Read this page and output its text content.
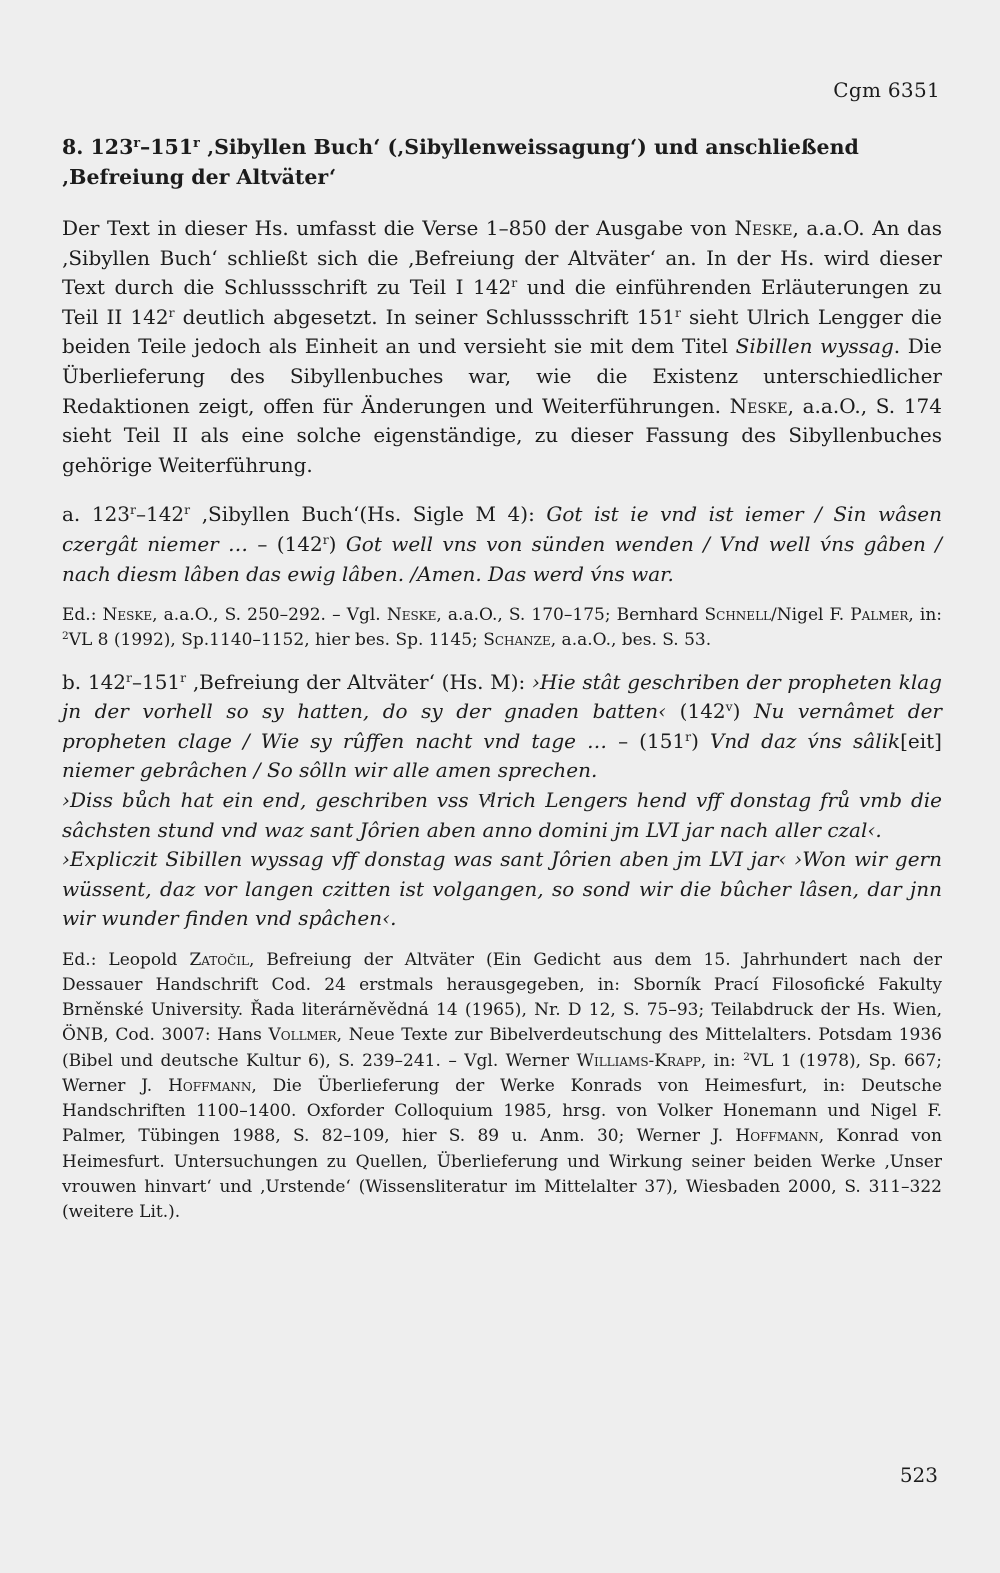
Cgm 6351
8. 123$^r$–151$^r$ ‚Sibyllen Buch‘ (‚Sibyllenweissagung‘) und anschließend ‚Befreiung der Altväter‘

Der Text in dieser Hs. umfasst die Verse 1–850 der Ausgabe von Neske, a.a.O. An das ‚Sibyllen Buch‘ schließt sich die ‚Befreiung der Altväter‘ an. In der Hs. wird dieser Text durch die Schlussschrift zu Teil I 142$^r$ und die einführenden Erläuterungen zu Teil II 142$^r$ deutlich abgesetzt. In seiner Schlussschrift 151$^r$ sieht Ulrich Lengger die beiden Teile jedoch als Einheit an und versieht sie mit dem Titel Sibillen wyssag. Die Überlieferung des Sibyllenbuches war, wie die Existenz unterschiedlicher Redaktionen zeigt, offen für Änderungen und Weiterführungen. Neske, a.a.O., S. 174 sieht Teil II als eine solche eigenständige, zu dieser Fassung des Sibyllenbuches gehörige Weiterführung.

a. 123$^r$–142$^r$ ‚Sibyllen Buch‘(Hs. Sigle M 4): Got ist ie vnd ist iemer / Sin wâsen czergât niemer … – (142$^r$) Got well vns von sünden wenden / Vnd well v́ns gâben / nach diesm lâben das ewig lâben. /Amen. Das werd v́ns war.

Ed.: Neske, a.a.O., S. 250–292. – Vgl. Neske, a.a.O., S. 170–175; Bernhard Schnell/Nigel F. Palmer, in: $^2$VL 8 (1992), Sp.1140–1152, hier bes. Sp. 1145; Schanze, a.a.O., bes. S. 53.

b. 142$^r$–151$^r$ ‚Befreiung der Altväter‘ (Hs. M): ›Hie stât geschriben der propheten klag jn der vorhell so sy hatten, do sy der gnaden batten‹ (142$^v$) Nu vernâmet der propheten clage / Wie sy rûffen nacht vnd tage … – (151$^r$) Vnd daz v́ns sâlik[eit] niemer gebrâchen / So sôlln wir alle amen sprechen.

›Diss bůch hat ein end, geschriben vss Vͦlrich Lengers hend vff donstag frů vmb die sâchsten stund vnd waz sant Jôrien aben anno domini jm LVI jar nach aller czal‹.

›Expliczit Sibillen wyssag vff donstag was sant Jôrien aben jm LVI jar‹ ›Won wir gern wüssent, daz vor langen czitten ist volgangen, so sond wir die bûcher lâsen, dar jnn wir wunder finden vnd spâchen‹.

Ed.: Leopold Zatočil, Befreiung der Altväter (Ein Gedicht aus dem 15. Jahrhundert nach der Dessauer Handschrift Cod. 24 erstmals herausgegeben, in: Sborník Prací Filosofické Fakulty Brněnské University. Řada literárněvědná 14 (1965), Nr. D 12, S. 75–93; Teilabdruck der Hs. Wien, ÖNB, Cod. 3007: Hans Vollmer, Neue Texte zur Bibelverdeutschung des Mittelalters. Potsdam 1936 (Bibel und deutsche Kultur 6), S. 239–241. – Vgl. Werner Williams-Krapp, in: $^2$VL 1 (1978), Sp. 667; Werner J. Hoffmann, Die Überlieferung der Werke Konrads von Heimesfurt, in: Deutsche Handschriften 1100–1400. Oxforder Colloquium 1985, hrsg. von Volker Honemann und Nigel F. Palmer, Tübingen 1988, S. 82–109, hier S. 89 u. Anm. 30; Werner J. Hoffmann, Konrad von Heimesfurt. Untersuchungen zu Quellen, Überlieferung und Wirkung seiner beiden Werke ‚Unser vrouwen hinvart‘ und ‚Urstende‘ (Wissensliteratur im Mittelalter 37), Wiesbaden 2000, S. 311–322 (weitere Lit.).

523
